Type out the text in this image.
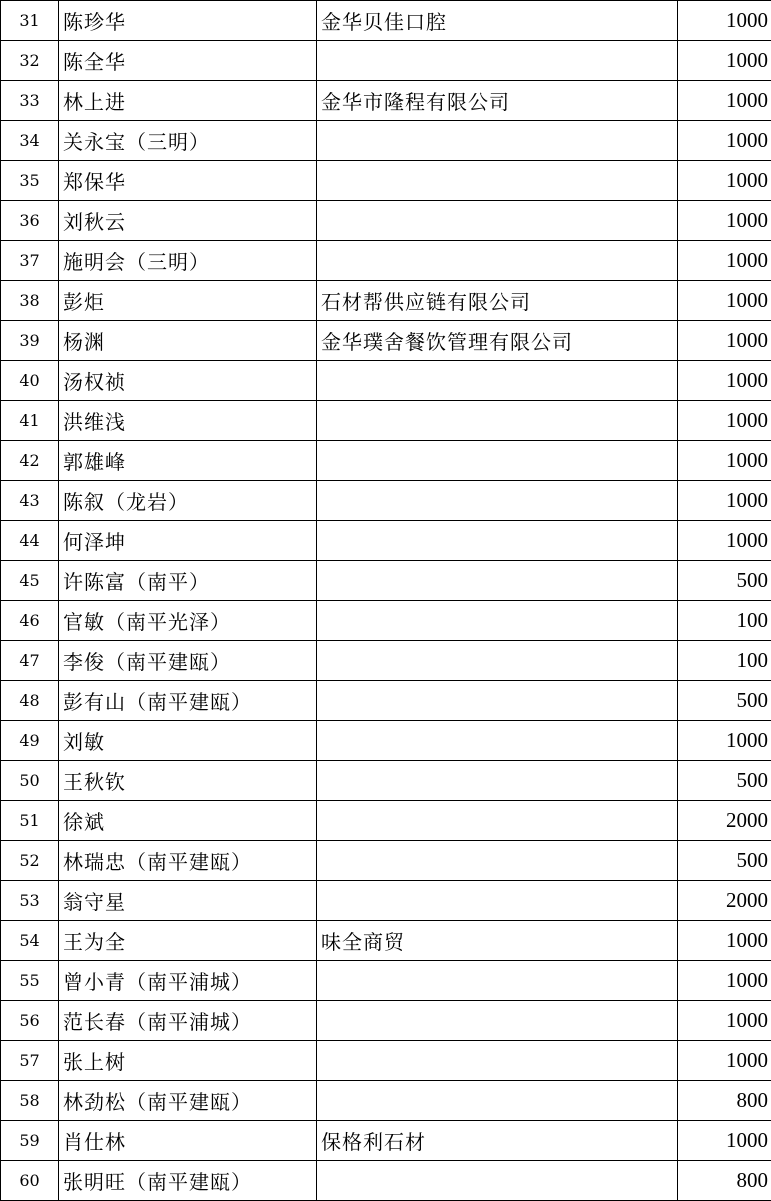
31	陈珍华	金华贝佳口腔	1000
32	陈全华		1000
33	林上进	金华市隆程有限公司	1000
34	关永宝（三明）		1000
35	郑保华		1000
36	刘秋云		1000
37	施明会（三明）		1000
38	彭炬	石材帮供应链有限公司	1000
39	杨渊	金华璞舍餐饮管理有限公司	1000
40	汤权祯		1000
41	洪维浅		1000
42	郭雄峰		1000
43	陈叙（龙岩）		1000
44	何泽坤		1000
45	许陈富（南平）		500
46	官敏（南平光泽）		100
47	李俊（南平建瓯）		100
48	彭有山（南平建瓯）		500
49	刘敏		1000
50	王秋钦		500
51	徐斌		2000
52	林瑞忠（南平建瓯）		500
53	翁守星		2000
54	王为全	味全商贸	1000
55	曾小青（南平浦城）		1000
56	范长春（南平浦城）		1000
57	张上树		1000
58	林劲松（南平建瓯）		800
59	肖仕林	保格利石材	1000
60	张明旺（南平建瓯）		800
